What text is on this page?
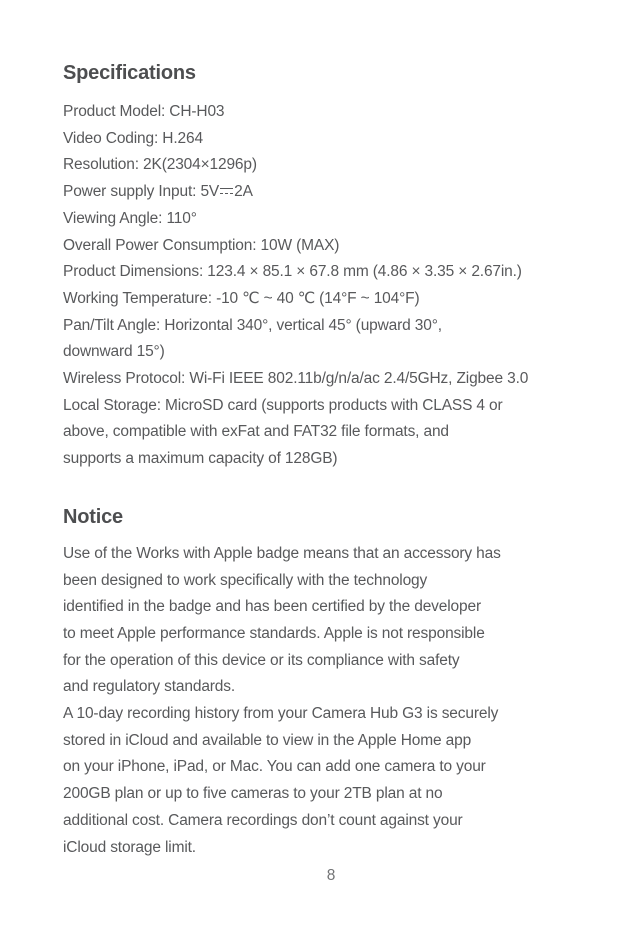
Specifications
Product Model: CH-H03
Video Coding: H.264
Resolution: 2K(2304×1296p)
Power supply Input: 5V 2A
Viewing Angle: 110°
Overall Power Consumption: 10W (MAX)
Product Dimensions: 123.4 × 85.1 × 67.8 mm (4.86 × 3.35 × 2.67in.)
Working Temperature: -10 ℃ ~ 40 ℃ (14°F ~ 104°F)
Pan/Tilt Angle: Horizontal 340°, vertical 45° (upward 30°,
downward 15°)
Wireless Protocol: Wi-Fi IEEE 802.11b/g/n/a/ac 2.4/5GHz, Zigbee 3.0
Local Storage: MicroSD card (supports products with CLASS 4 or
above, compatible with exFat and FAT32 file formats, and
supports a maximum capacity of 128GB)
Notice
Use of the Works with Apple badge means that an accessory has
been designed to work specifically with the technology
identified in the badge and has been certified by the developer
to meet Apple performance standards. Apple is not responsible
for the operation of this device or its compliance with safety
and regulatory standards.
A 10-day recording history from your Camera Hub G3 is securely
stored in iCloud and available to view in the Apple Home app
on your iPhone, iPad, or Mac. You can add one camera to your
200GB plan or up to five cameras to your 2TB plan at no
additional cost. Camera recordings don’t count against your
iCloud storage limit.
8
